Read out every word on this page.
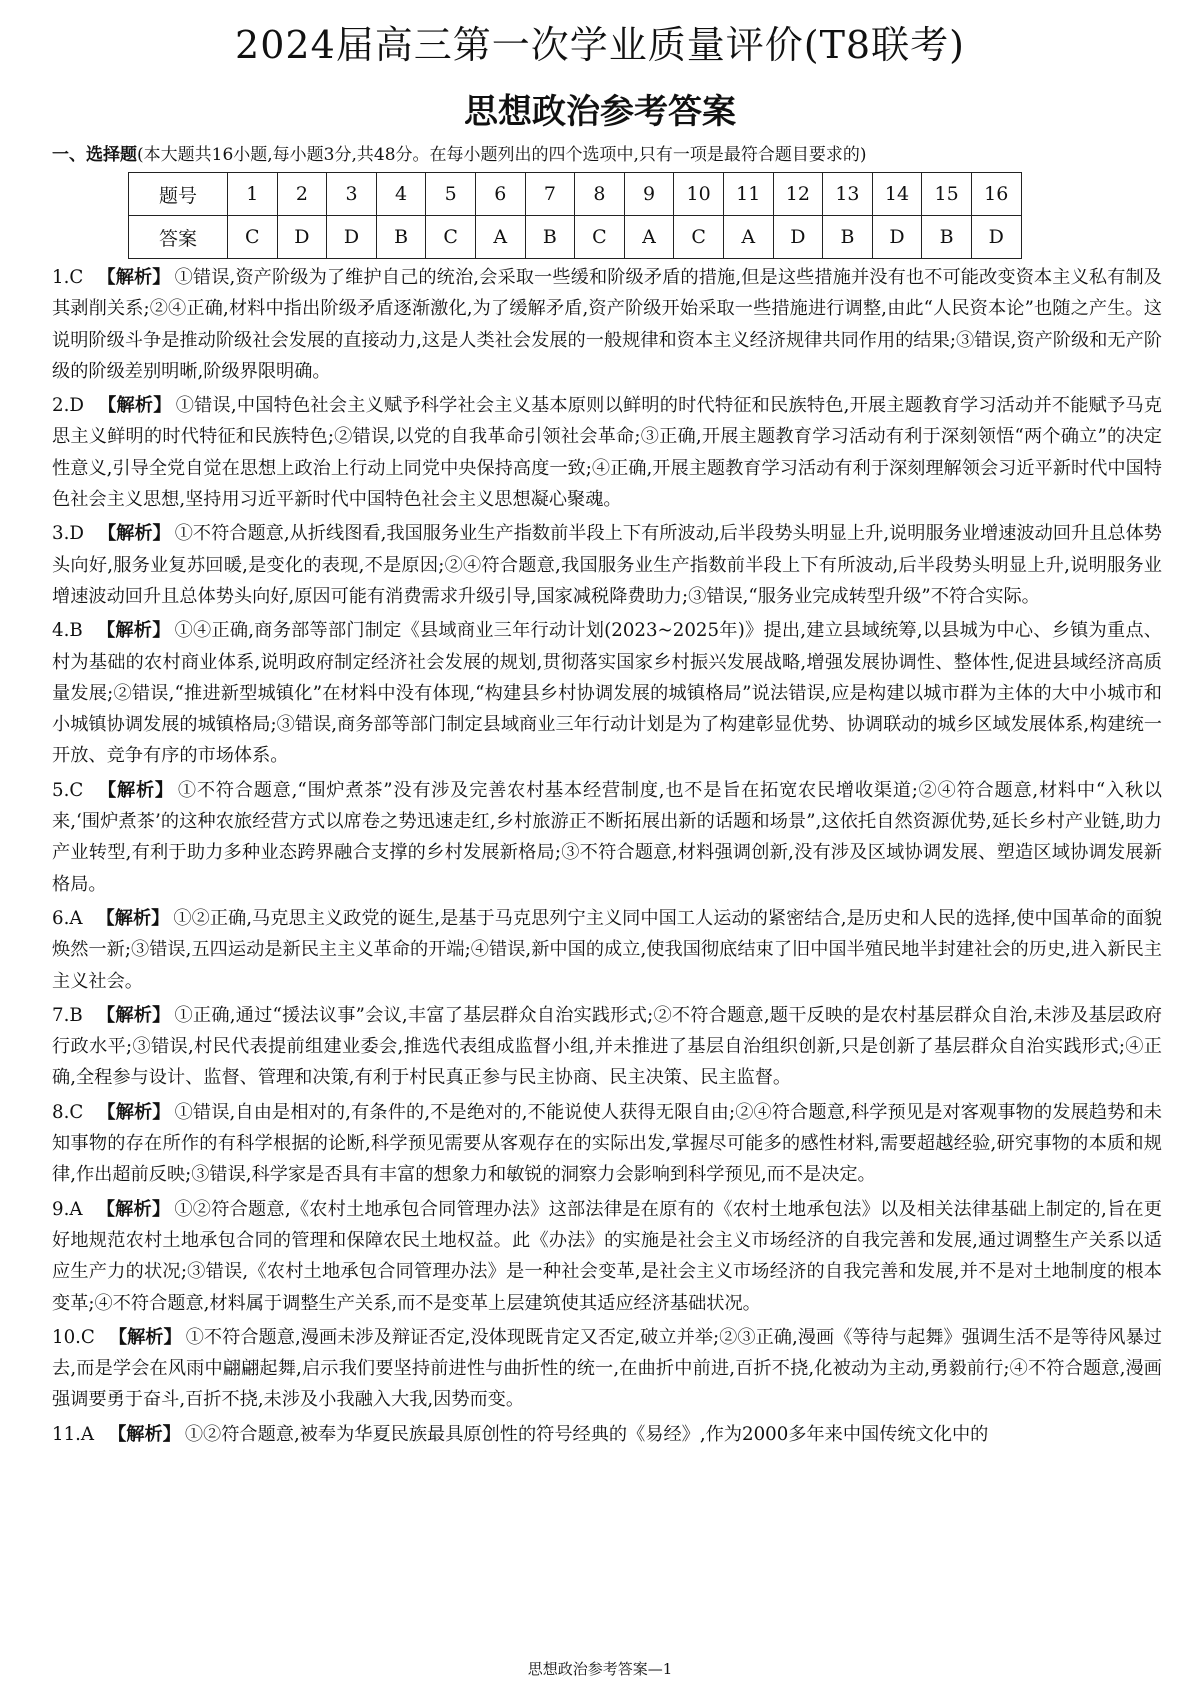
2024届高三第一次学业质量评价(T8联考)
思想政治参考答案
一、选择题(本大题共16小题,每小题3分,共48分。在每小题列出的四个选项中,只有一项是最符合题目要求的)
题号	1	2	3	4	5	6	7	8	9	10	11	12	13	14	15	16
答案	C	D	D	B	C	A	B	C	A	C	A	D	B	D	B	D
1.C 【解析】 ①错误,资产阶级为了维护自己的统治,会采取一些缓和阶级矛盾的措施,但是这些措施并没有也不可能改变资本主义私有制及其剥削关系;②④正确,材料中指出阶级矛盾逐渐激化,为了缓解矛盾,资产阶级开始采取一些措施进行调整,由此“人民资本论”也随之产生。这说明阶级斗争是推动阶级社会发展的直接动力,这是人类社会发展的一般规律和资本主义经济规律共同作用的结果;③错误,资产阶级和无产阶级的阶级差别明晰,阶级界限明确。
2.D 【解析】 ①错误,中国特色社会主义赋予科学社会主义基本原则以鲜明的时代特征和民族特色,开展主题教育学习活动并不能赋予马克思主义鲜明的时代特征和民族特色;②错误,以党的自我革命引领社会革命;③正确,开展主题教育学习活动有利于深刻领悟“两个确立”的决定性意义,引导全党自觉在思想上政治上行动上同党中央保持高度一致;④正确,开展主题教育学习活动有利于深刻理解领会习近平新时代中国特色社会主义思想,坚持用习近平新时代中国特色社会主义思想凝心聚魂。
3.D 【解析】 ①不符合题意,从折线图看,我国服务业生产指数前半段上下有所波动,后半段势头明显上升,说明服务业增速波动回升且总体势头向好,服务业复苏回暖,是变化的表现,不是原因;②④符合题意,我国服务业生产指数前半段上下有所波动,后半段势头明显上升,说明服务业增速波动回升且总体势头向好,原因可能有消费需求升级引导,国家减税降费助力;③错误,“服务业完成转型升级”不符合实际。
4.B 【解析】 ①④正确,商务部等部门制定《县域商业三年行动计划(2023~2025年)》提出,建立县域统筹,以县城为中心、乡镇为重点、村为基础的农村商业体系,说明政府制定经济社会发展的规划,贯彻落实国家乡村振兴发展战略,增强发展协调性、整体性,促进县域经济高质量发展;②错误,“推进新型城镇化”在材料中没有体现,“构建县乡村协调发展的城镇格局”说法错误,应是构建以城市群为主体的大中小城市和小城镇协调发展的城镇格局;③错误,商务部等部门制定县域商业三年行动计划是为了构建彰显优势、协调联动的城乡区域发展体系,构建统一开放、竞争有序的市场体系。
5.C 【解析】 ①不符合题意,“围炉煮茶”没有涉及完善农村基本经营制度,也不是旨在拓宽农民增收渠道;②④符合题意,材料中“入秋以来,‘围炉煮茶’的这种农旅经营方式以席卷之势迅速走红,乡村旅游正不断拓展出新的话题和场景”,这依托自然资源优势,延长乡村产业链,助力产业转型,有利于助力多种业态跨界融合支撑的乡村发展新格局;③不符合题意,材料强调创新,没有涉及区域协调发展、塑造区域协调发展新格局。
6.A 【解析】 ①②正确,马克思主义政党的诞生,是基于马克思列宁主义同中国工人运动的紧密结合,是历史和人民的选择,使中国革命的面貌焕然一新;③错误,五四运动是新民主主义革命的开端;④错误,新中国的成立,使我国彻底结束了旧中国半殖民地半封建社会的历史,进入新民主主义社会。
7.B 【解析】 ①正确,通过“援法议事”会议,丰富了基层群众自治实践形式;②不符合题意,题干反映的是农村基层群众自治,未涉及基层政府行政水平;③错误,村民代表提前组建业委会,推选代表组成监督小组,并未推进了基层自治组织创新,只是创新了基层群众自治实践形式;④正确,全程参与设计、监督、管理和决策,有利于村民真正参与民主协商、民主决策、民主监督。
8.C 【解析】 ①错误,自由是相对的,有条件的,不是绝对的,不能说使人获得无限自由;②④符合题意,科学预见是对客观事物的发展趋势和未知事物的存在所作的有科学根据的论断,科学预见需要从客观存在的实际出发,掌握尽可能多的感性材料,需要超越经验,研究事物的本质和规律,作出超前反映;③错误,科学家是否具有丰富的想象力和敏锐的洞察力会影响到科学预见,而不是决定。
9.A 【解析】 ①②符合题意,《农村土地承包合同管理办法》这部法律是在原有的《农村土地承包法》以及相关法律基础上制定的,旨在更好地规范农村土地承包合同的管理和保障农民土地权益。此《办法》的实施是社会主义市场经济的自我完善和发展,通过调整生产关系以适应生产力的状况;③错误,《农村土地承包合同管理办法》是一种社会变革,是社会主义市场经济的自我完善和发展,并不是对土地制度的根本变革;④不符合题意,材料属于调整生产关系,而不是变革上层建筑使其适应经济基础状况。
10.C 【解析】 ①不符合题意,漫画未涉及辩证否定,没体现既肯定又否定,破立并举;②③正确,漫画《等待与起舞》强调生活不是等待风暴过去,而是学会在风雨中翩翩起舞,启示我们要坚持前进性与曲折性的统一,在曲折中前进,百折不挠,化被动为主动,勇毅前行;④不符合题意,漫画强调要勇于奋斗,百折不挠,未涉及小我融入大我,因势而变。
11.A 【解析】 ①②符合题意,被奉为华夏民族最具原创性的符号经典的《易经》,作为2000多年来中国传统文化中的
思想政治参考答案—1
